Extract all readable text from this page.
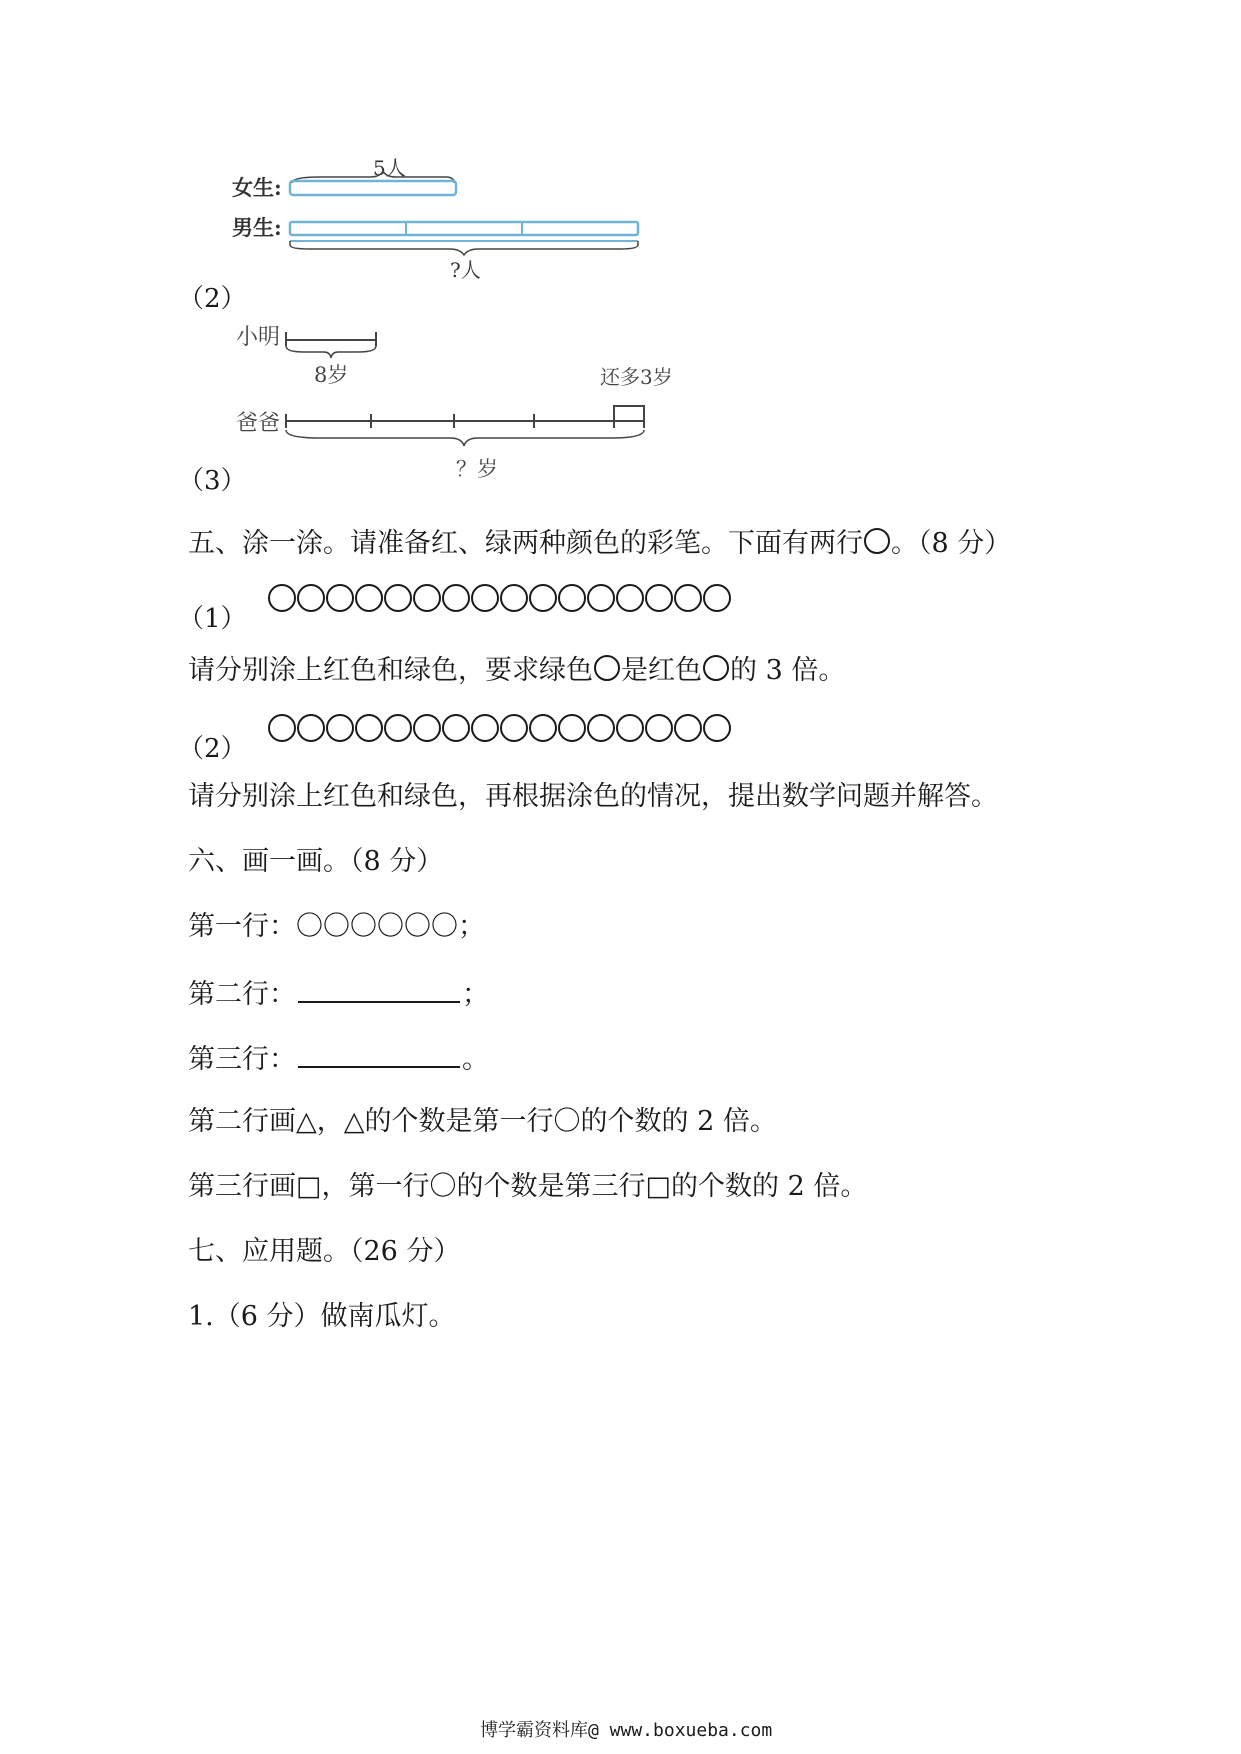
5人
女生:
男生:
?人
（2）
小明
8岁	还多3岁
爸爸
？岁
（3）
五、涂一涂。请准备红、绿两种颜色的彩笔。下面有两行 。（8 分）
（1）
请分别涂上红色和绿色，要求绿色 是红色 的 3 倍。
（2）
请分别涂上红色和绿色，再根据涂色的情况，提出数学问题并解答。
六、画一画。（8 分）
第一行：〇〇〇〇〇〇；
第二行：	；
第三行：	。
第二行画△，△的个数是第一行〇的个数的 2 倍。
第三行画□，第一行〇的个数是第三行□的个数的 2 倍。
七、应用题。（26 分）
1.（6 分）做南瓜灯。
博学霸资料库@ www.boxueba.com
